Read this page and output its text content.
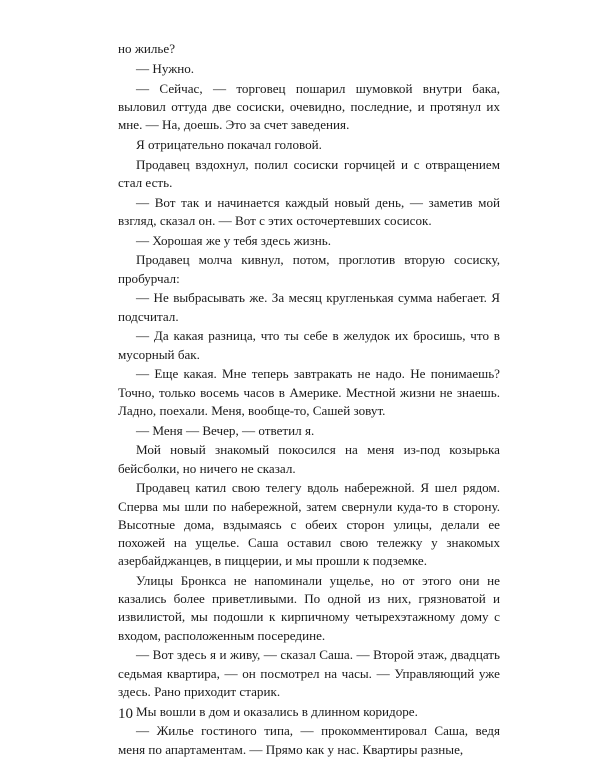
но жилье?

— Нужно.

— Сейчас, — торговец пошарил шумовкой внутри бака, выловил оттуда две сосиски, очевидно, последние, и протянул их мне. — На, доешь. Это за счет заведения.

Я отрицательно покачал головой.

Продавец вздохнул, полил сосиски горчицей и с отвращением стал есть.

— Вот так и начинается каждый новый день, — заметив мой взгляд, сказал он. — Вот с этих осточертевших сосисок.

— Хорошая же у тебя здесь жизнь.

Продавец молча кивнул, потом, проглотив вторую сосиску, пробурчал:

— Не выбрасывать же. За месяц кругленькая сумма набегает. Я подсчитал.

— Да какая разница, что ты себе в желудок их бросишь, что в мусорный бак.

— Еще какая. Мне теперь завтракать не надо. Не понимаешь? Точно, только восемь часов в Америке. Местной жизни не знаешь. Ладно, поехали. Меня, вообще-то, Сашей зовут.

— Меня — Вечер, — ответил я.

Мой новый знакомый покосился на меня из-под козырька бейсболки, но ничего не сказал.

Продавец катил свою телегу вдоль набережной. Я шел рядом. Сперва мы шли по набережной, затем свернули куда-то в сторону. Высотные дома, вздымаясь с обеих сторон улицы, делали ее похожей на ущелье. Саша оставил свою тележку у знакомых азербайджанцев, в пиццерии, и мы прошли к подземке.

Улицы Бронкса не напоминали ущелье, но от этого они не казались более приветливыми. По одной из них, грязноватой и извилистой, мы подошли к кирпичному четырехэтажному дому с входом, расположенным посередине.

— Вот здесь я и живу, — сказал Саша. — Второй этаж, двадцать седьмая квартира, — он посмотрел на часы. — Управляющий уже здесь. Рано приходит старик.

Мы вошли в дом и оказались в длинном коридоре.

— Жилье гостиного типа, — прокомментировал Саша, ведя меня по апартаментам. — Прямо как у нас. Квартиры разные,

10
